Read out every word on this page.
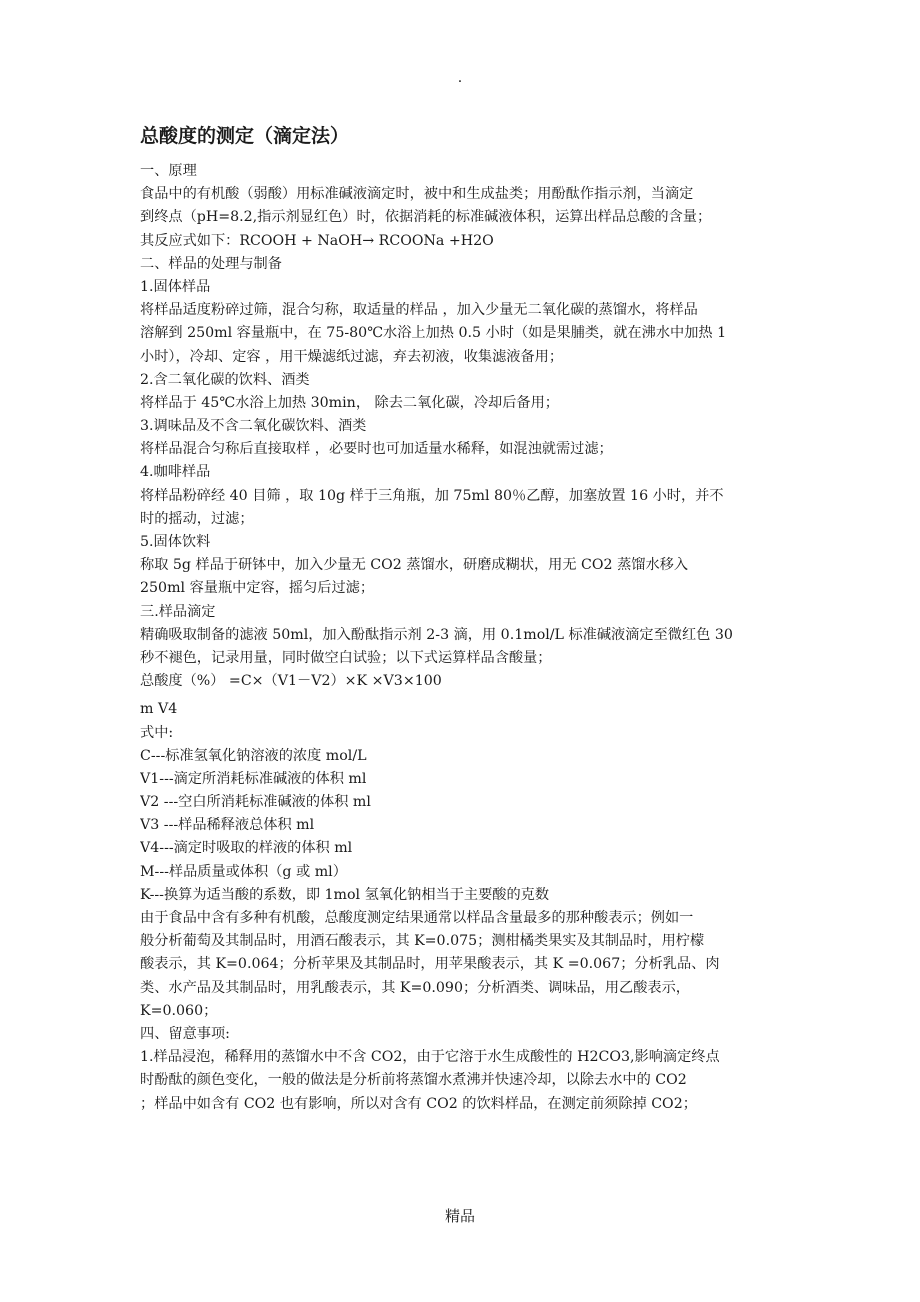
.
总酸度的测定（滴定法）
一、原理
食品中的有机酸（弱酸）用标准碱液滴定时，被中和生成盐类；用酚酞作指示剂，当滴定
到终点（pH=8.2,指示剂显红色）时，依据消耗的标准碱液体积，运算出样品总酸的含量；
其反应式如下：RCOOH + NaOH→ RCOONa +H2O
二、样品的处理与制备
1.固体样品
将样品适度粉碎过筛，混合匀称，取适量的样品 ，加入少量无二氧化碳的蒸馏水，将样品
溶解到 250ml 容量瓶中，在 75-80℃水浴上加热 0.5 小时（如是果脯类，就在沸水中加热 1
小时），冷却、定容 ，用干燥滤纸过滤，弃去初液，收集滤液备用；
2.含二氧化碳的饮料、酒类
将样品于 45℃水浴上加热 30min， 除去二氧化碳，冷却后备用；
3.调味品及不含二氧化碳饮料、酒类
将样品混合匀称后直接取样 ，必要时也可加适量水稀释，如混浊就需过滤；
4.咖啡样品
将样品粉碎经 40 目筛 ，取 10g 样于三角瓶，加 75ml 80％乙醇，加塞放置 16 小时，并不
时的摇动，过滤；
5.固体饮料
称取 5g 样品于研钵中，加入少量无 CO2 蒸馏水，研磨成糊状，用无 CO2 蒸馏水移入
250ml 容量瓶中定容，摇匀后过滤；
三.样品滴定
精确吸取制备的滤液 50ml，加入酚酞指示剂 2-3 滴，用 0.1mol/L 标准碱液滴定至微红色 30
秒不褪色，记录用量，同时做空白试验；以下式运算样品含酸量；
总酸度（%） =C×（V1－V2）×K ×V3×100
m V4
式中:
C---标准氢氧化钠溶液的浓度 mol/L
V1---滴定所消耗标准碱液的体积 ml
V2 ---空白所消耗标准碱液的体积 ml
V3 ---样品稀释液总体积 ml
V4---滴定时吸取的样液的体积 ml
M---样品质量或体积（g 或 ml）
K---换算为适当酸的系数，即 1mol 氢氧化钠相当于主要酸的克数
由于食品中含有多种有机酸，总酸度测定结果通常以样品含量最多的那种酸表示；例如一
般分析葡萄及其制品时，用酒石酸表示，其 K=0.075；测柑橘类果实及其制品时，用柠檬
酸表示，其 K=0.064；分析苹果及其制品时，用苹果酸表示，其 K =0.067；分析乳品、肉
类、水产品及其制品时，用乳酸表示，其 K=0.090；分析酒类、调味品，用乙酸表示，
K=0.060；
四、留意事项:
1.样品浸泡，稀释用的蒸馏水中不含 CO2，由于它溶于水生成酸性的 H2CO3,影响滴定终点
时酚酞的颜色变化，一般的做法是分析前将蒸馏水煮沸并快速冷却，以除去水中的 CO2
；样品中如含有 CO2 也有影响，所以对含有 CO2 的饮料样品，在测定前须除掉 CO2；
精品
